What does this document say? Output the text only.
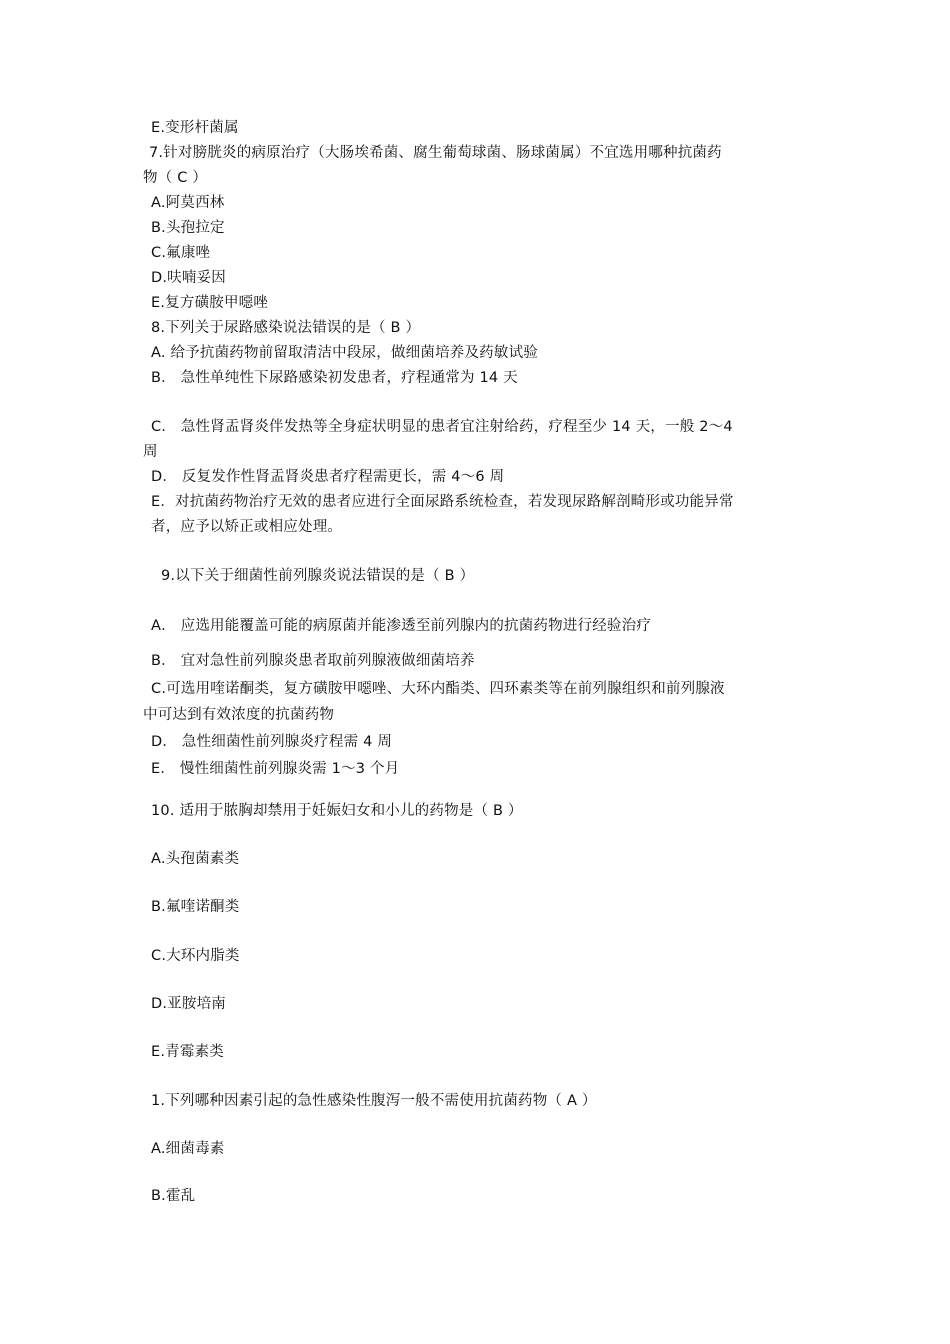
E.变形杆菌属
7.针对膀胱炎的病原治疗（大肠埃希菌、腐生葡萄球菌、肠球菌属）不宜选用哪种抗菌药
物（ C ）
A.阿莫西林
B.头孢拉定
C.氟康唑
D.呋喃妥因
E.复方磺胺甲噁唑
8.下列关于尿路感染说法错误的是（ B ）
A. 给予抗菌药物前留取清洁中段尿，做细菌培养及药敏试验
B． 急性单纯性下尿路感染初发患者，疗程通常为 14 天
C． 急性肾盂肾炎伴发热等全身症状明显的患者宜注射给药，疗程至少 14 天，一般 2～4
周
D． 反复发作性肾盂肾炎患者疗程需更长，需 4～6 周
E．对抗菌药物治疗无效的患者应进行全面尿路系统检查，若发现尿路解剖畸形或功能异常
者，应予以矫正或相应处理。
9.以下关于细菌性前列腺炎说法错误的是（ B ）
A． 应选用能覆盖可能的病原菌并能渗透至前列腺内的抗菌药物进行经验治疗
B． 宜对急性前列腺炎患者取前列腺液做细菌培养
C.可选用喹诺酮类，复方磺胺甲噁唑、大环内酯类、四环素类等在前列腺组织和前列腺液
中可达到有效浓度的抗菌药物
D． 急性细菌性前列腺炎疗程需 4 周
E． 慢性细菌性前列腺炎需 1～3 个月
10. 适用于脓胸却禁用于妊娠妇女和小儿的药物是（ B ）
A.头孢菌素类
B.氟喹诺酮类
C.大环内脂类
D.亚胺培南
E.青霉素类
1.下列哪种因素引起的急性感染性腹泻一般不需使用抗菌药物（ A ）
A.细菌毒素
B.霍乱
